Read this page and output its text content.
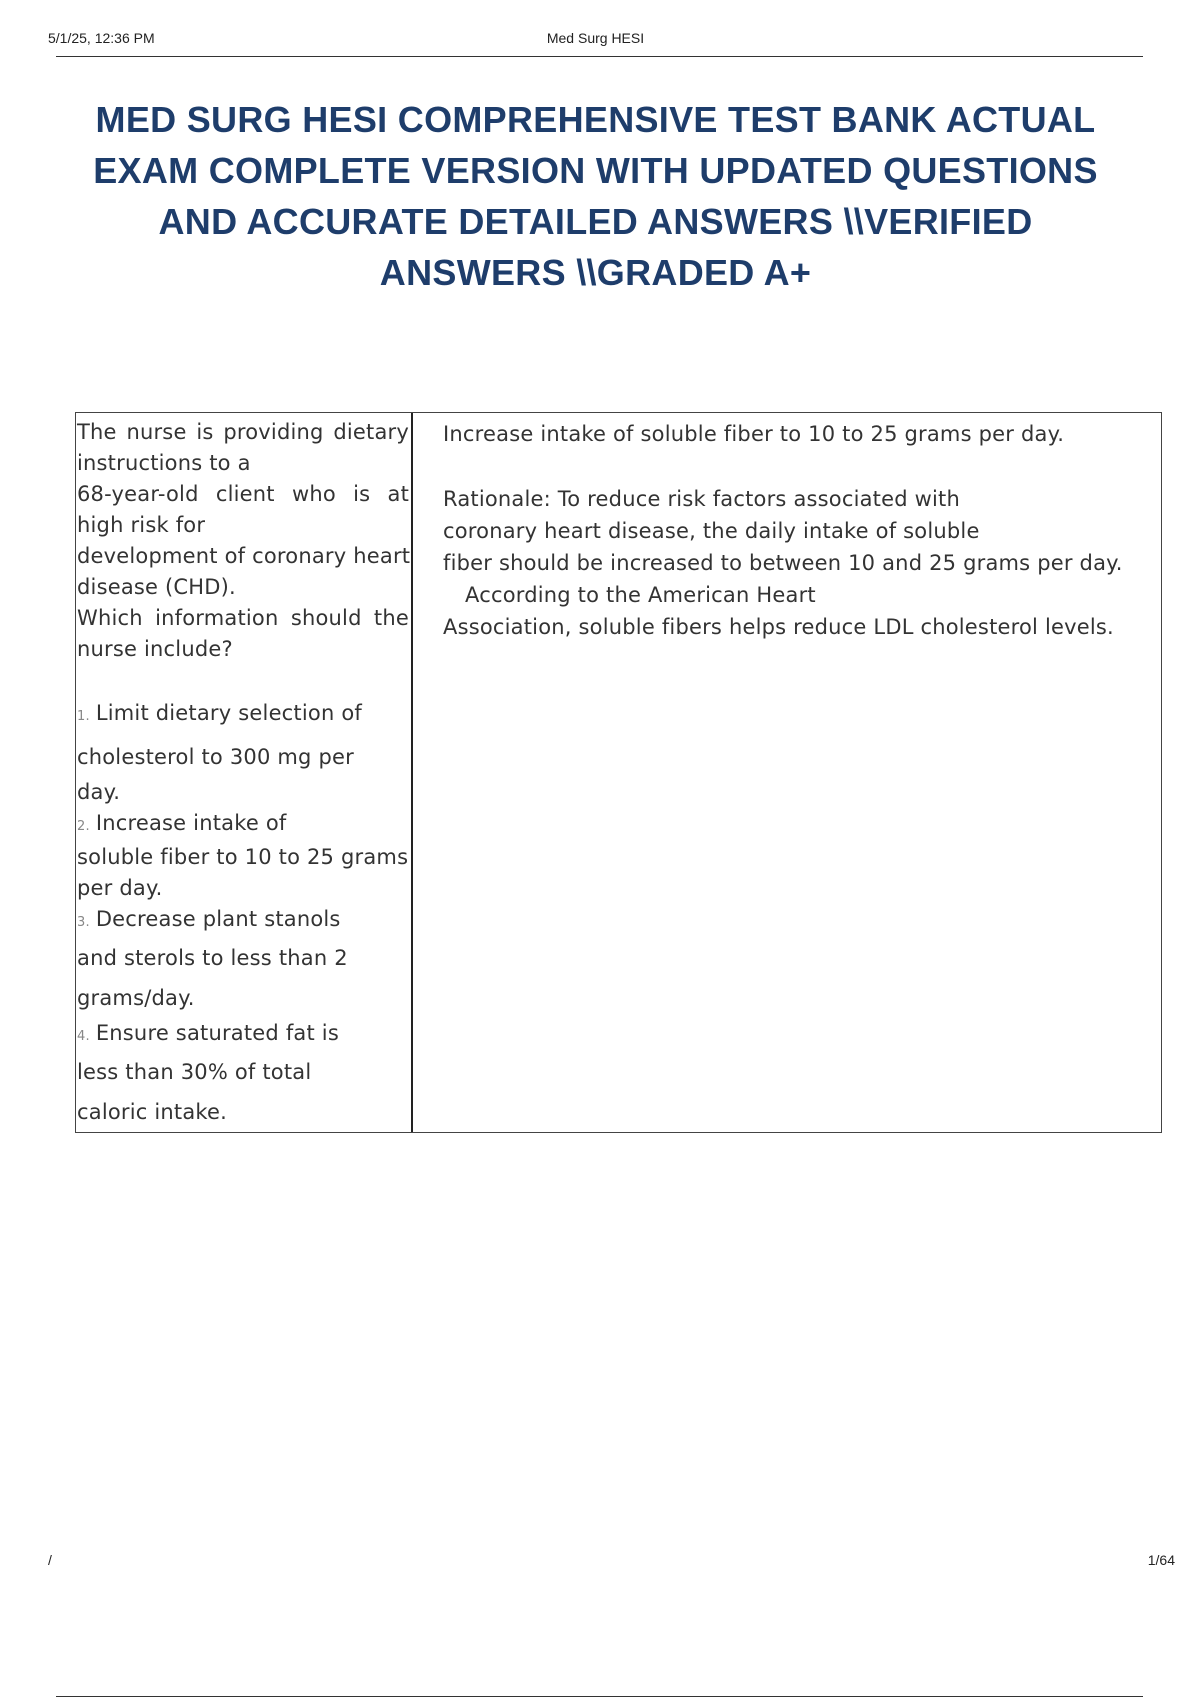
5/1/25, 12:36 PM	Med Surg HESI
MED SURG HESI COMPREHENSIVE TEST BANK ACTUAL
EXAM COMPLETE VERSION WITH UPDATED QUESTIONS
AND ACCURATE DETAILED ANSWERS \\VERIFIED
ANSWERS \\GRADED A+
The nurse is providing dietary
instructions to a
68-year-old client who is at
high risk for
development of coronary heart
disease (CHD).
Which information should the
nurse include?
1. Limit dietary selection of
cholesterol to 300 mg per
day.
2. Increase intake of
soluble fiber to 10 to 25 grams
per day.
3. Decrease plant stanols
and sterols to less than 2
grams/day.
4. Ensure saturated fat is
less than 30% of total
caloric intake.
Increase intake of soluble fiber to 10 to 25 grams per day.
Rationale: To reduce risk factors associated with
coronary heart disease, the daily intake of soluble
fiber should be increased to between 10 and 25 grams per day.
According to the American Heart
Association, soluble fibers helps reduce LDL cholesterol levels.
/	1/64
